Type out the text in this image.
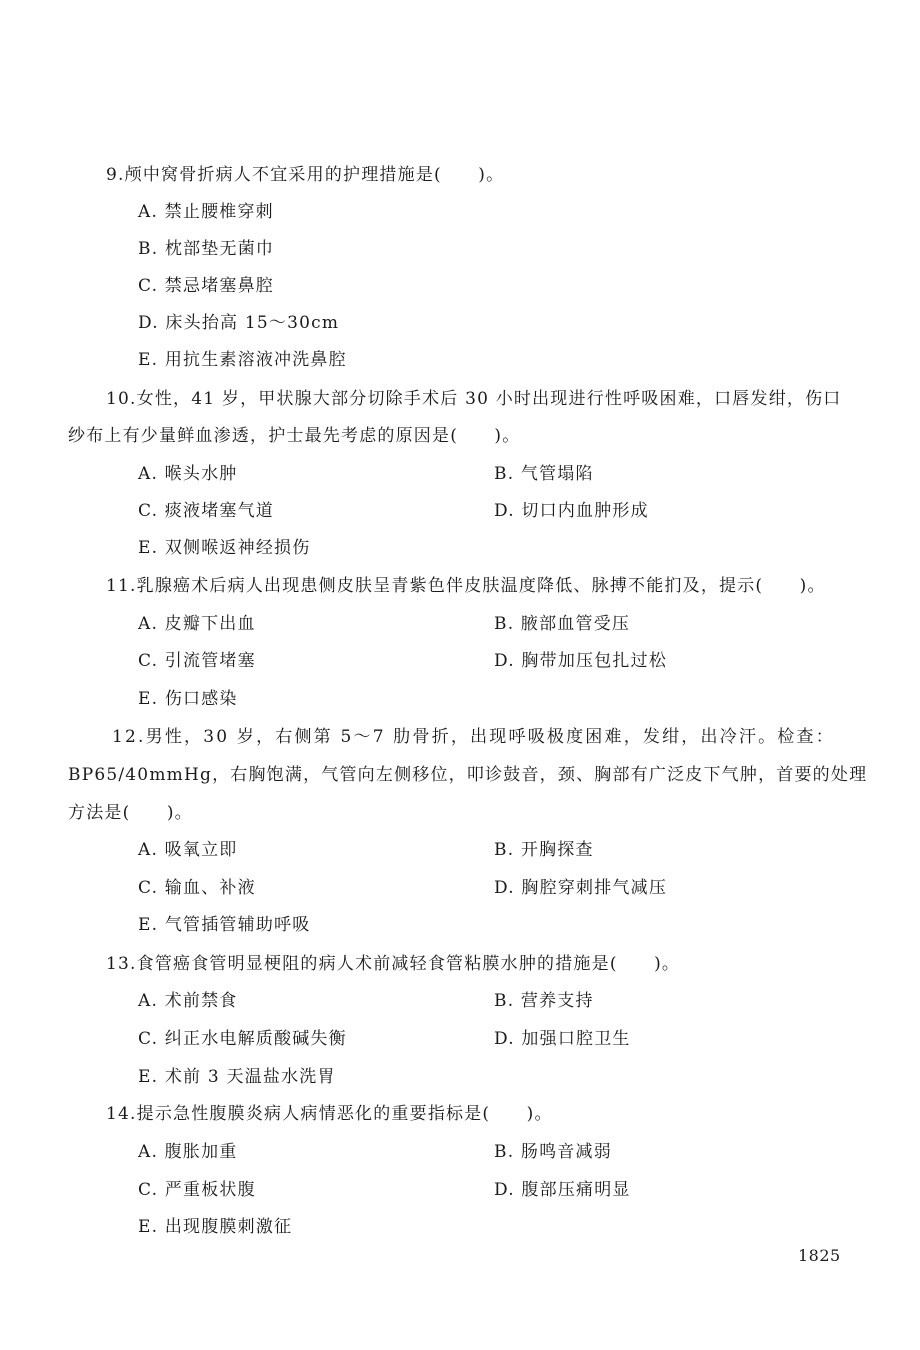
9.颅中窝骨折病人不宜采用的护理措施是(　　)。
A. 禁止腰椎穿刺
B. 枕部垫无菌巾
C. 禁忌堵塞鼻腔
D. 床头抬高 15～30cm
E. 用抗生素溶液冲洗鼻腔
10.女性，41 岁，甲状腺大部分切除手术后 30 小时出现进行性呼吸困难，口唇发绀，伤口
纱布上有少量鲜血渗透，护士最先考虑的原因是(　　)。
A. 喉头水肿	B. 气管塌陷
C. 痰液堵塞气道	D. 切口内血肿形成
E. 双侧喉返神经损伤
11.乳腺癌术后病人出现患侧皮肤呈青紫色伴皮肤温度降低、脉搏不能扪及，提示(　　)。
A. 皮瓣下出血	B. 腋部血管受压
C. 引流管堵塞	D. 胸带加压包扎过松
E. 伤口感染
12.男性，30 岁，右侧第 5～7 肋骨折，出现呼吸极度困难，发绀，出冷汗。检查：
BP65/40mmHg，右胸饱满，气管向左侧移位，叩诊鼓音，颈、胸部有广泛皮下气肿，首要的处理
方法是(　　)。
A. 吸氧立即	B. 开胸探查
C. 输血、补液	D. 胸腔穿刺排气减压
E. 气管插管辅助呼吸
13.食管癌食管明显梗阻的病人术前减轻食管粘膜水肿的措施是(　　)。
A. 术前禁食	B. 营养支持
C. 纠正水电解质酸碱失衡	D. 加强口腔卫生
E. 术前 3 天温盐水洗胃
14.提示急性腹膜炎病人病情恶化的重要指标是(　　)。
A. 腹胀加重	B. 肠鸣音减弱
C. 严重板状腹	D. 腹部压痛明显
E. 出现腹膜刺激征
1825
